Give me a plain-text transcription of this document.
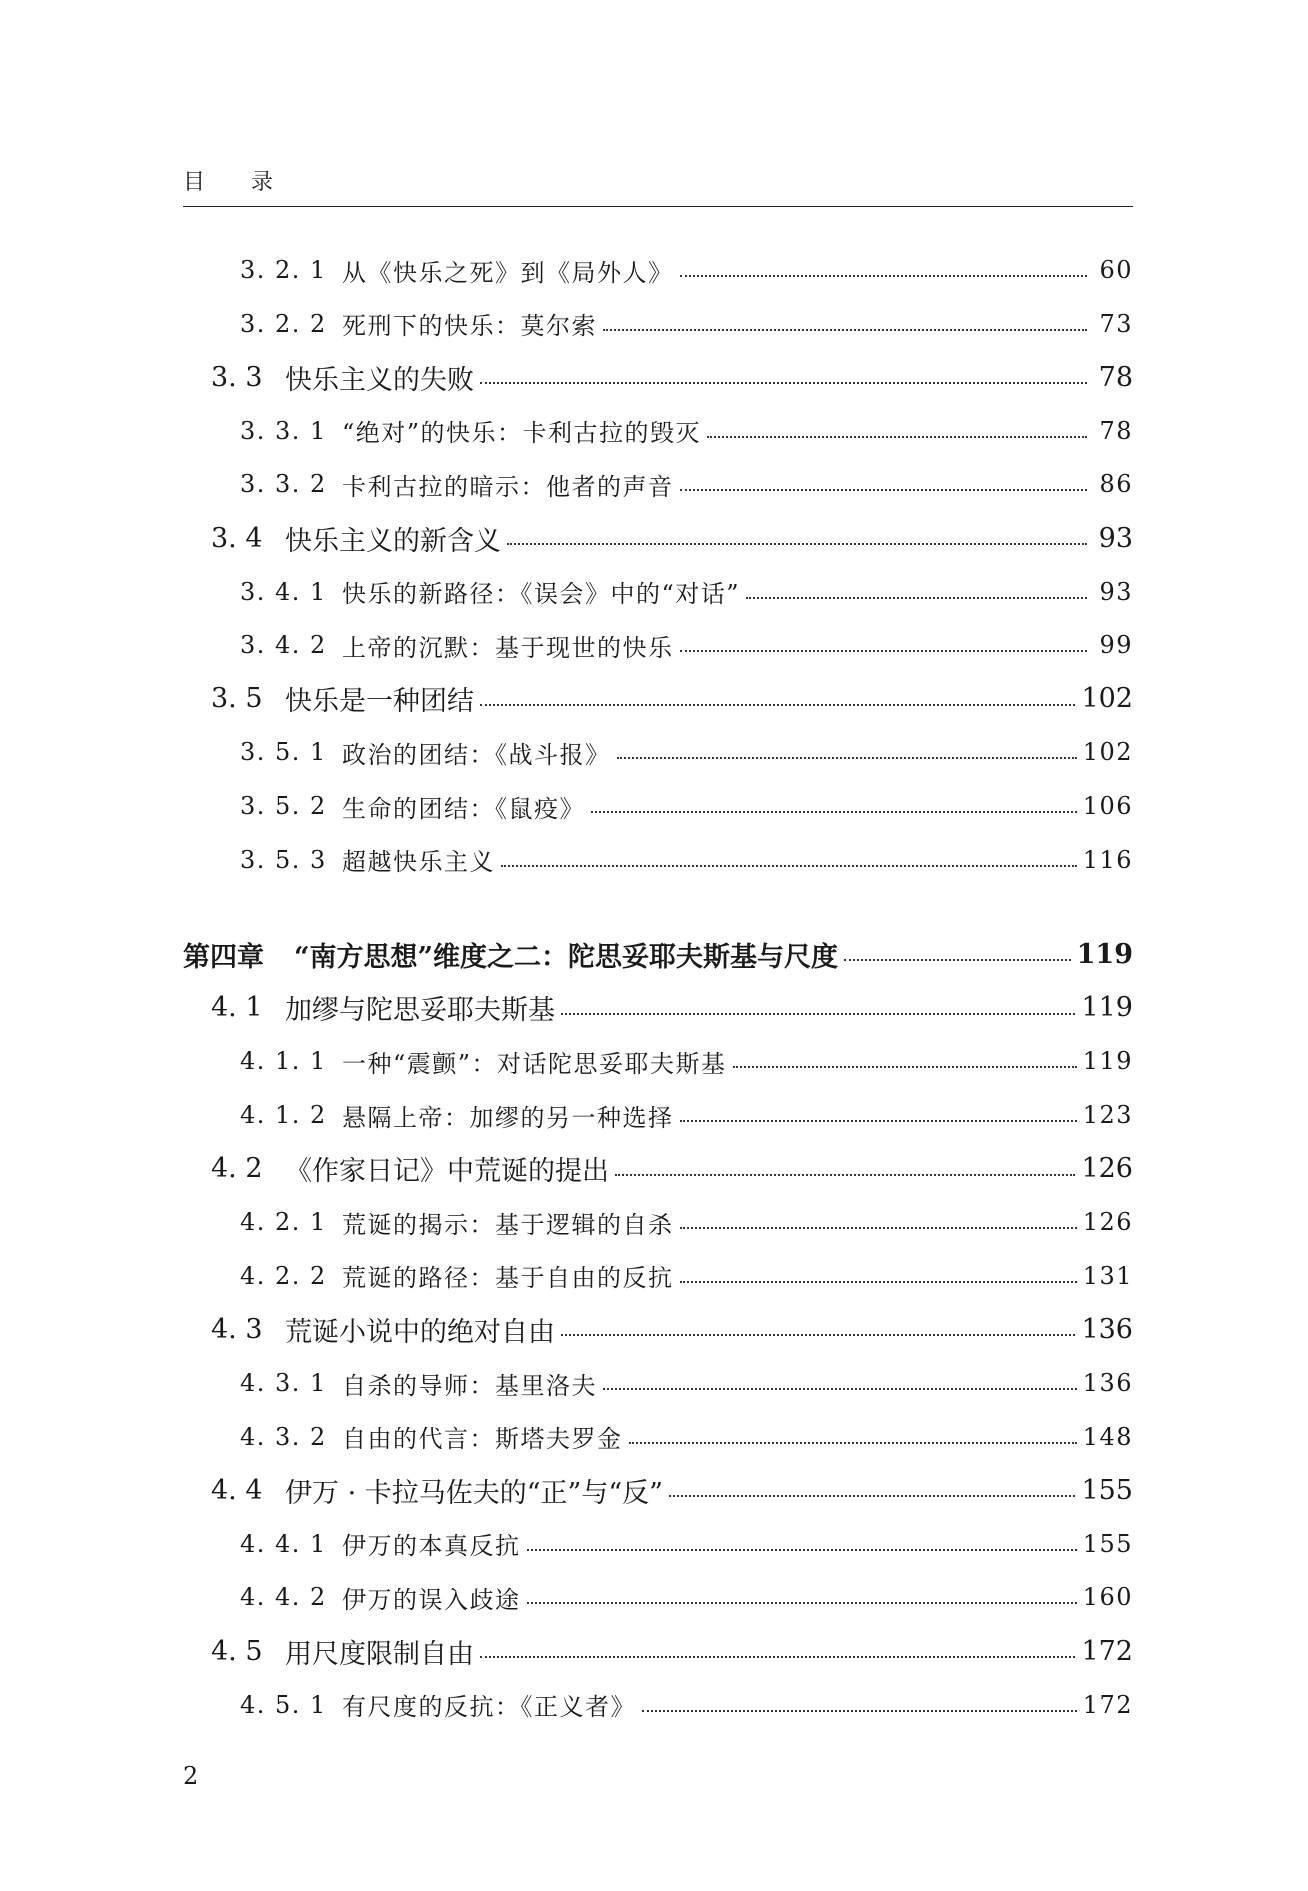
目 录
3. 2. 1 从《快乐之死》到《局外人》	60
3. 2. 2 死刑下的快乐：莫尔索	73
3. 3 快乐主义的失败	78
3. 3. 1 “绝对”的快乐：卡利古拉的毁灭	78
3. 3. 2 卡利古拉的暗示：他者的声音	86
3. 4 快乐主义的新含义	93
3. 4. 1 快乐的新路径：《误会》中的“对话”	93
3. 4. 2 上帝的沉默：基于现世的快乐	99
3. 5 快乐是一种团结	102
3. 5. 1 政治的团结：《战斗报》	102
3. 5. 2 生命的团结：《鼠疫》	106
3. 5. 3 超越快乐主义	116
第四章 “南方思想”维度之二：陀思妥耶夫斯基与尺度	119
4. 1 加缪与陀思妥耶夫斯基	119
4. 1. 1 一种“震颤”：对话陀思妥耶夫斯基	119
4. 1. 2 悬隔上帝：加缪的另一种选择	123
4. 2 《作家日记》中荒诞的提出	126
4. 2. 1 荒诞的揭示：基于逻辑的自杀	126
4. 2. 2 荒诞的路径：基于自由的反抗	131
4. 3 荒诞小说中的绝对自由	136
4. 3. 1 自杀的导师：基里洛夫	136
4. 3. 2 自由的代言：斯塔夫罗金	148
4. 4 伊万 · 卡拉马佐夫的“正”与“反”	155
4. 4. 1 伊万的本真反抗	155
4. 4. 2 伊万的误入歧途	160
4. 5 用尺度限制自由	172
4. 5. 1 有尺度的反抗：《正义者》	172
2
